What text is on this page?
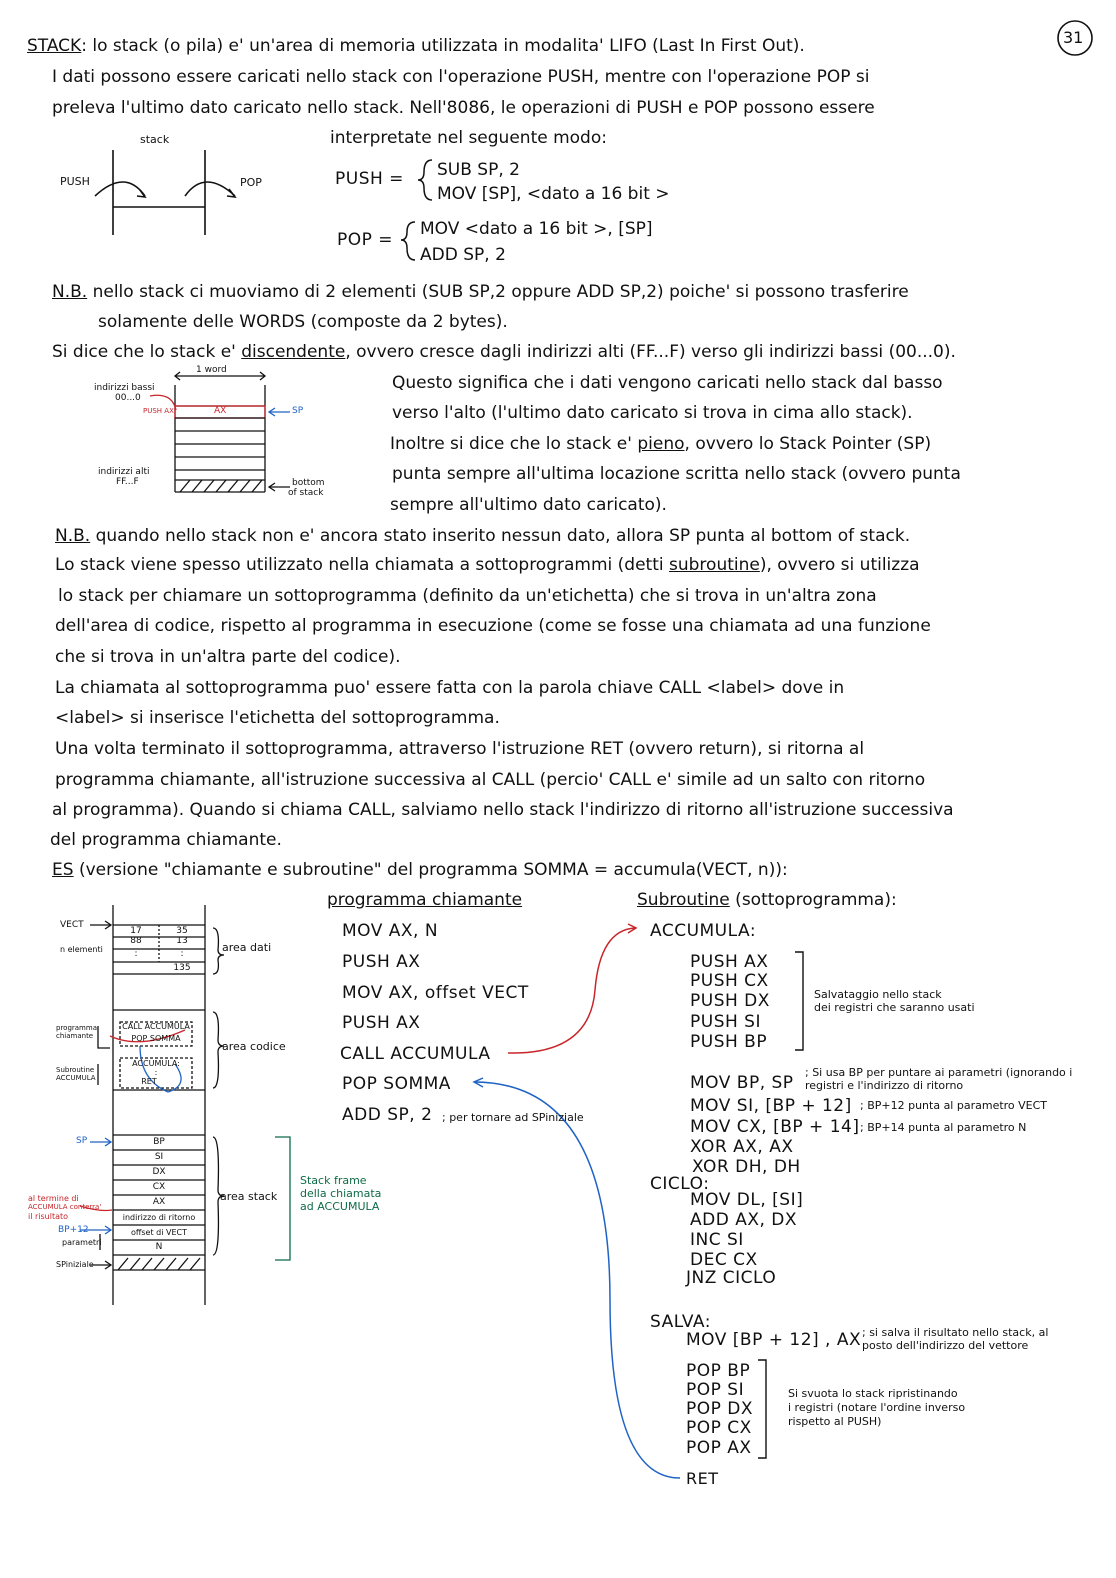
31
STACK: lo stack (o pila) e' un'area di memoria utilizzata in modalita' LIFO (Last In First Out).
I dati possono essere caricati nello stack con l'operazione PUSH, mentre con l'operazione POP si
preleva l'ultimo dato caricato nello stack. Nell'8086, le operazioni di PUSH e POP possono essere
interpretate nel seguente modo:
stack
PUSH	POP	PUSH = SUB SP, 2
MOV [SP], <dato a 16 bit >
POP =
MOV <dato a 16 bit >, [SP]
ADD SP, 2
N.B. nello stack ci muoviamo di 2 elementi (SUB SP,2 oppure ADD SP,2) poiche' si possono trasferire
solamente delle WORDS (composte da 2 bytes).
Si dice che lo stack e' discendente, ovvero cresce dagli indirizzi alti (FF...F) verso gli indirizzi bassi (00...0).
1 word
indirizzi bassi
00...0
PUSH AX	AX	SP
indirizzi alti
FF...F	bottom
of stack
Questo significa che i dati vengono caricati nello stack dal basso
verso l'alto (l'ultimo dato caricato si trova in cima allo stack).
Inoltre si dice che lo stack e' pieno, ovvero lo Stack Pointer (SP)
punta sempre all'ultima locazione scritta nello stack (ovvero punta
sempre all'ultimo dato caricato).
N.B. quando nello stack non e' ancora stato inserito nessun dato, allora SP punta al bottom of stack.
Lo stack viene spesso utilizzato nella chiamata a sottoprogrammi (detti subroutine), ovvero si utilizza
lo stack per chiamare un sottoprogramma (definito da un'etichetta) che si trova in un'altra zona
dell'area di codice, rispetto al programma in esecuzione (come se fosse una chiamata ad una funzione
che si trova in un'altra parte del codice).
La chiamata al sottoprogramma puo' essere fatta con la parola chiave CALL <label> dove in
<label> si inserisce l'etichetta del sottoprogramma.
Una volta terminato il sottoprogramma, attraverso l'istruzione RET (ovvero return), si ritorna al
programma chiamante, all'istruzione successiva al CALL (percio' CALL e' simile ad un salto con ritorno
al programma). Quando si chiama CALL, salviamo nello stack l'indirizzo di ritorno all'istruzione successiva
del programma chiamante.
ES (versione "chiamante e subroutine" del programma SOMMA = accumula(VECT, n)):
VECT
n elementi
17	35
88	13
:	:
135
area dati
programma chiamante
CALL ACCUMULA
POP SOMMA
Subroutine ACCUMULA
ACCUMULA:
:
RET
area codice
SP	BP
SI
DX
CX
AX
indirizzo di ritorno
offset di VECT
N
area stack
Stack frame
della chiamata
ad ACCUMULA
al termine di
ACCUMULA conterra'
il risultato
BP+12
parametri
SPiniziale
programma chiamante
MOV AX, N
PUSH AX
MOV AX, offset VECT
PUSH AX
CALL ACCUMULA
POP SOMMA
ADD SP, 2 ; per tornare ad SPiniziale
Subroutine (sottoprogramma):
ACCUMULA:
PUSH AX
PUSH CX
PUSH DX
PUSH SI
PUSH BP
Salvataggio nello stack
dei registri che saranno usati
MOV BP, SP
; Si usa BP per puntare ai parametri (ignorando i registri e l'indirizzo di ritorno
MOV SI, [BP + 12] ; BP+12 punta al parametro VECT
MOV CX, [BP + 14] ; BP+14 punta al parametro N
XOR AX, AX
XOR DH, DH
CICLO:
MOV DL, [SI]
ADD AX, DX
INC SI
DEC CX
JNZ CICLO
SALVA:
MOV [BP + 12] , AX ; si salva il risultato nello stack, al
posto dell'indirizzo del vettore
POP BP
POP SI
POP DX
POP CX
POP AX
Si svuota lo stack ripristinando
i registri (notare l'ordine inverso
rispetto al PUSH)
RET
